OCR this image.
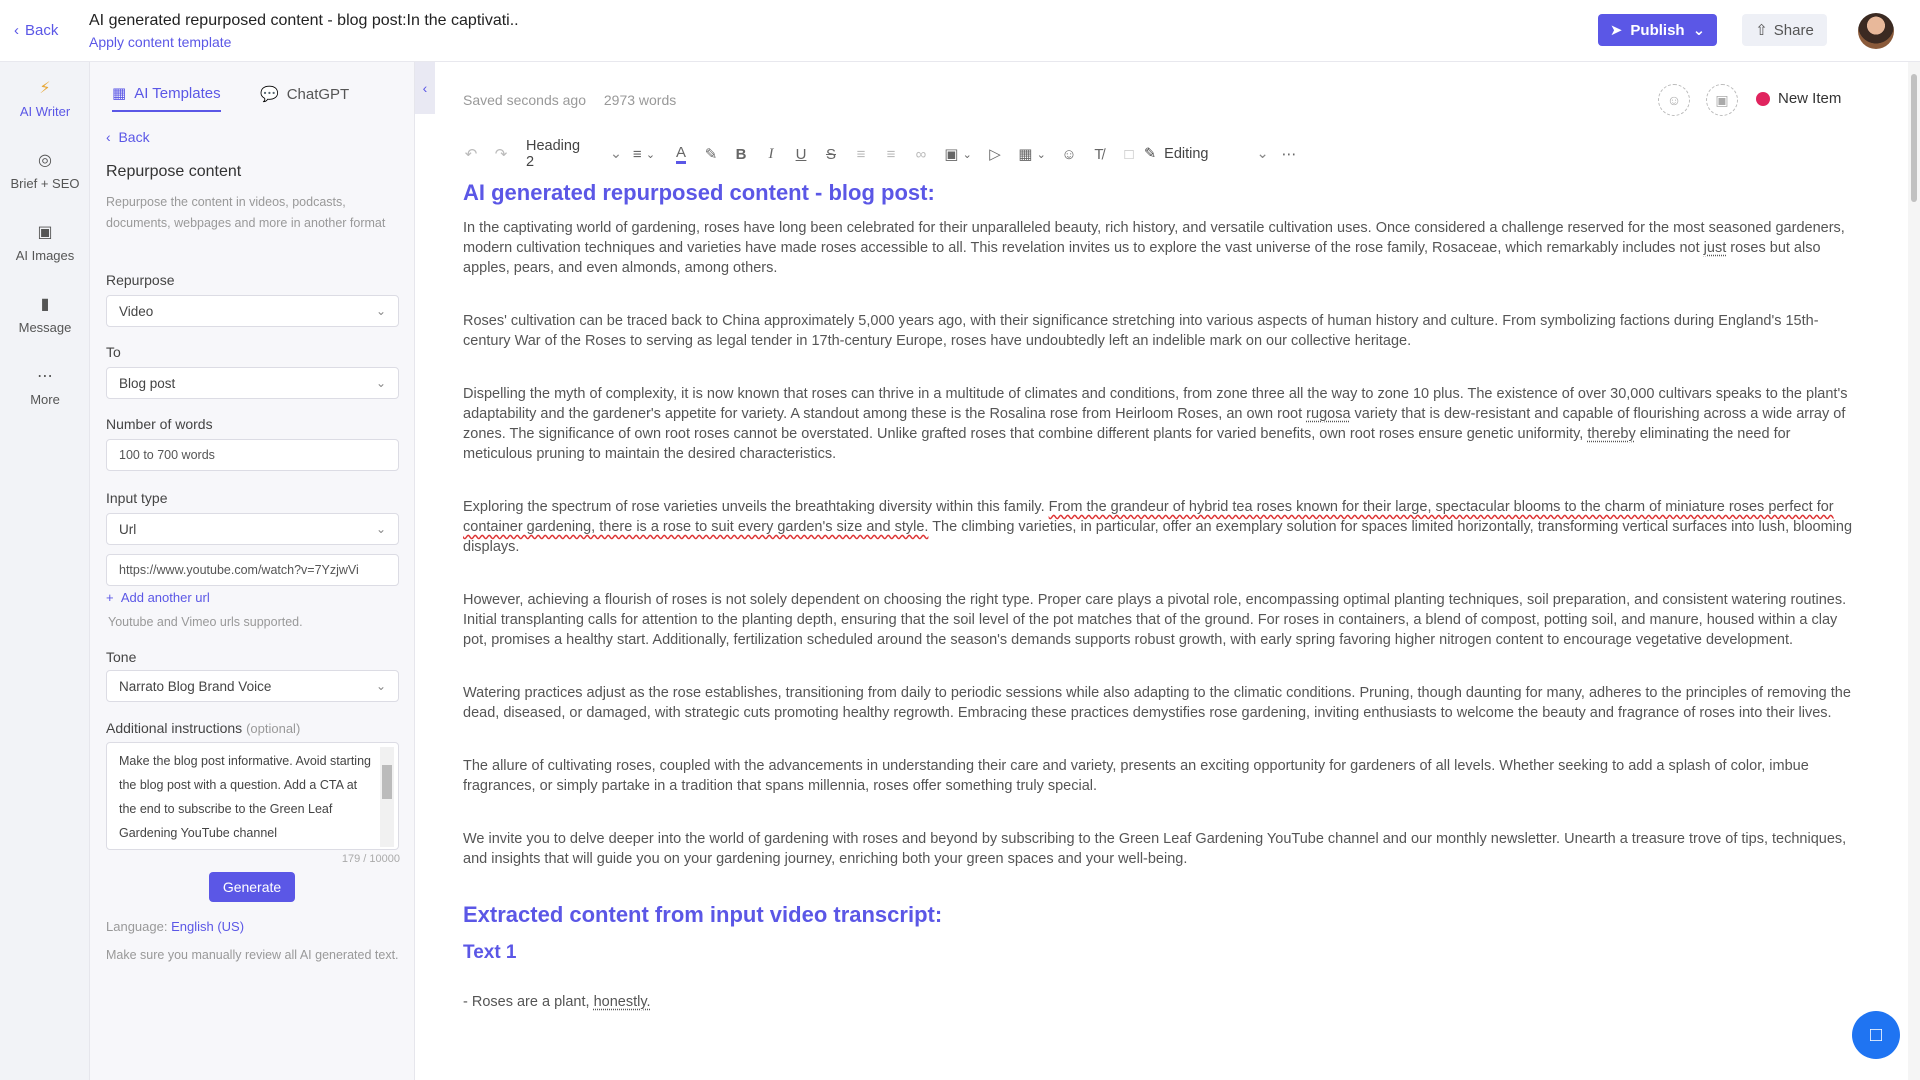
‹ Back
AI generated repurposed content - blog post:In the captivati..
Apply content template
➤ Publish ⌄	⇧ Share
⚡
AI Writer
◎
Brief + SEO
▣
AI Images
▮
Message
⋯
More
▦ AI Templates	💬 ChatGPT
‹  Back
Repurpose content
Repurpose the content in videos, podcasts, documents, webpages and more in another format
Repurpose
Video	⌄
To
Blog post	⌄
Number of words
100 to 700 words
Input type
Url	⌄
https://www.youtube.com/watch?v=7YzjwVi
+ Add another url
Youtube and Vimeo urls supported.
Tone
Narrato Blog Brand Voice	⌄
Additional instructions (optional)
Make the blog post informative. Avoid starting the blog post with a question. Add a CTA at the end to subscribe to the Green Leaf Gardening YouTube channel
179 / 10000
Generate
Language: English (US)
Make sure you manually review all AI generated text.
‹
Saved seconds ago 2973 words	☺	▣	New Item
↶	↷	Heading 2	⌄ ≡ ⌄ A	✎	B	I	U	S	≡	≡	∞	▣ ⌄	▷	▦ ⌄	☺	T̸	□ ✎ Editing	⌄ ⋯
AI generated repurposed content - blog post:

In the captivating world of gardening, roses have long been celebrated for their unparalleled beauty, rich history, and versatile cultivation uses. Once considered a challenge reserved for the most seasoned gardeners, modern cultivation techniques and varieties have made roses accessible to all. This revelation invites us to explore the vast universe of the rose family, Rosaceae, which remarkably includes not just roses but also apples, pears, and even almonds, among others.

Roses' cultivation can be traced back to China approximately 5,000 years ago, with their significance stretching into various aspects of human history and culture. From symbolizing factions during England's 15th-century War of the Roses to serving as legal tender in 17th-century Europe, roses have undoubtedly left an indelible mark on our collective heritage.

Dispelling the myth of complexity, it is now known that roses can thrive in a multitude of climates and conditions, from zone three all the way to zone 10 plus. The existence of over 30,000 cultivars speaks to the plant's adaptability and the gardener's appetite for variety. A standout among these is the Rosalina rose from Heirloom Roses, an own root rugosa variety that is dew-resistant and capable of flourishing across a wide array of zones. The significance of own root roses cannot be overstated. Unlike grafted roses that combine different plants for varied benefits, own root roses ensure genetic uniformity, thereby eliminating the need for meticulous pruning to maintain the desired characteristics.

Exploring the spectrum of rose varieties unveils the breathtaking diversity within this family. From the grandeur of hybrid tea roses known for their large, spectacular blooms to the charm of miniature roses perfect for container gardening, there is a rose to suit every garden's size and style. The climbing varieties, in particular, offer an exemplary solution for spaces limited horizontally, transforming vertical surfaces into lush, blooming displays.

However, achieving a flourish of roses is not solely dependent on choosing the right type. Proper care plays a pivotal role, encompassing optimal planting techniques, soil preparation, and consistent watering routines. Initial transplanting calls for attention to the planting depth, ensuring that the soil level of the pot matches that of the ground. For roses in containers, a blend of compost, potting soil, and manure, housed within a clay pot, promises a healthy start. Additionally, fertilization scheduled around the season's demands supports robust growth, with early spring favoring higher nitrogen content to encourage vegetative development.

Watering practices adjust as the rose establishes, transitioning from daily to periodic sessions while also adapting to the climatic conditions. Pruning, though daunting for many, adheres to the principles of removing the dead, diseased, or damaged, with strategic cuts promoting healthy regrowth. Embracing these practices demystifies rose gardening, inviting enthusiasts to welcome the beauty and fragrance of roses into their lives.

The allure of cultivating roses, coupled with the advancements in understanding their care and variety, presents an exciting opportunity for gardeners of all levels. Whether seeking to add a splash of color, imbue fragrances, or simply partake in a tradition that spans millennia, roses offer something truly special.

We invite you to delve deeper into the world of gardening with roses and beyond by subscribing to the Green Leaf Gardening YouTube channel and our monthly newsletter. Unearth a treasure trove of tips, techniques, and insights that will guide you on your gardening journey, enriching both your green spaces and your well-being.

Extracted content from input video transcript:
Text 1

- Roses are a plant, honestly.

□
